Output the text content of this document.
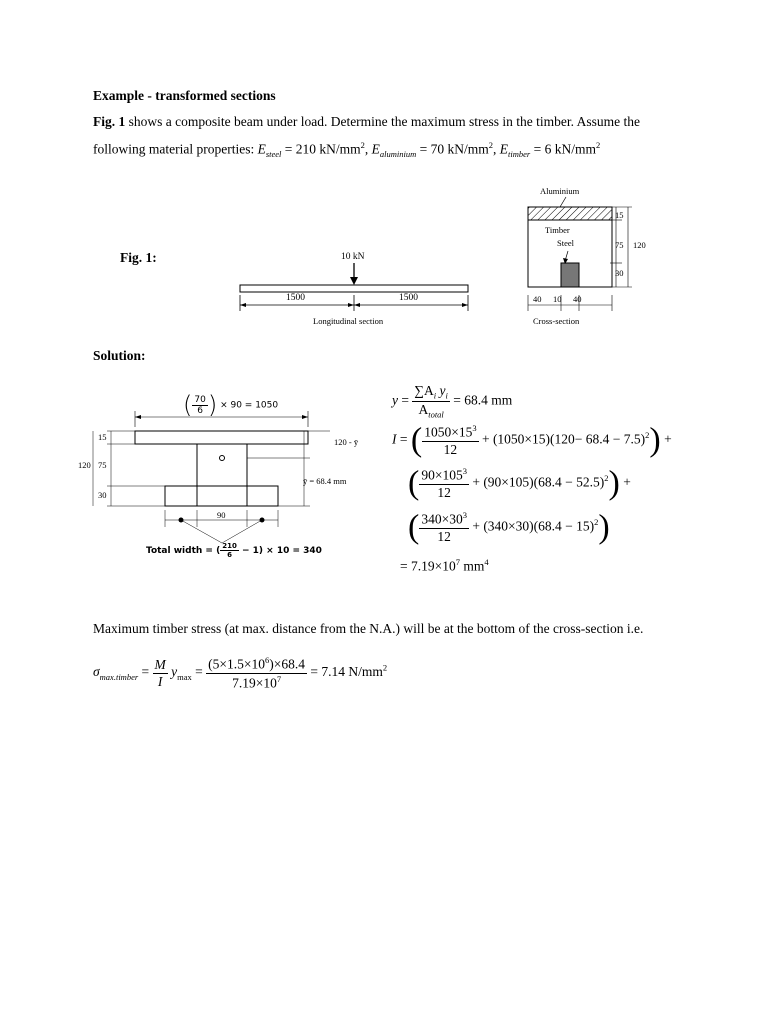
Example - transformed sections
Fig. 1 shows a composite beam under load. Determine the maximum stress in the timber. Assume the
following material properties: $E_{steel} = 210$ $kN/mm^2$, $E_{aluminium} = 70$ $kN/mm^2$, $E_{timber} = 6$ $kN/mm^2$
Fig. 1:	10 kN
1500	1500
Longitudinal section
Aluminium
Timber
Steel
15
75
30
120
40 10 40
Cross-section
Solution:
( $\frac{70}{6}$ ) × 90 = 1050
15
75
30
120
120 - ȳ
ȳ = 68.4 mm
90
Total width = ( $\frac{210}{6} - 1) \times 10 = 340$
$y = \frac{\sum A_i y_i}{A_{total}} = 68.4$ mm
I = ( $\frac{1050\times 15^3}{12} + (1050\times 15)(120- 68.4 - 7.5)^2$) +
( $\frac{90\times 105^3}{12} + (90\times 105)(68.4 - 52.5)^2$) +
( $\frac{340\times 30^3}{12} + (340\times 30)(68.4 - 15)^2$)
= $7.19\times 10^7$ $mm^4$
Maximum timber stress (at max. distance from the N.A.) will be at the bottom of the cross-section i.e.
$\sigma_{max.timber} = \frac{M}{I} y_{max} = \frac{(5\times 1.5\times 10^6)\times 68.4}{7.19\times 10^7} = 7.14$ $N/mm^2$
